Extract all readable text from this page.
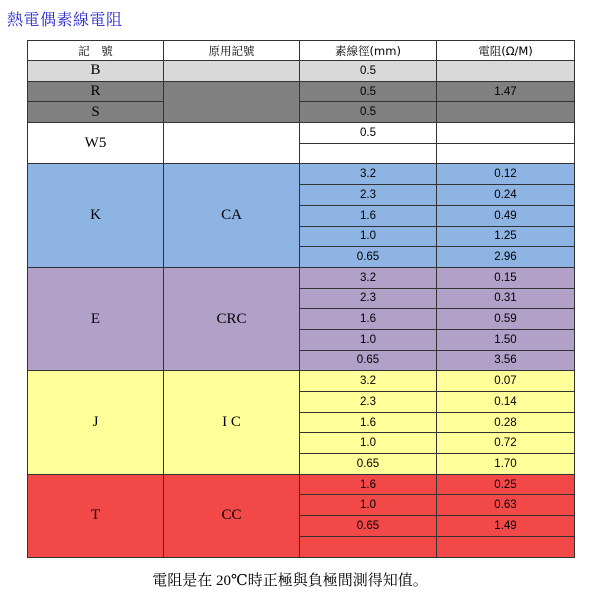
熱電偶素線電阻
記　號	原用記號	素線徑(mm)	電阻(Ω/M)
B		0.5	
R		0.5	1.47
S		0.5	
W5		0.5	

K	CA	3.2	0.12
		2.3	0.24
		1.6	0.49
		1.0	1.25
		0.65	2.96
E	CRC	3.2	0.15
		2.3	0.31
		1.6	0.59
		1.0	1.50
		0.65	3.56
J	I C	3.2	0.07
		2.3	0.14
		1.6	0.28
		1.0	0.72
		0.65	1.70
T	CC	1.6	0.25
		1.0	0.63
		0.65	1.49

電阻是在 20℃時正極與負極間測得知值。
